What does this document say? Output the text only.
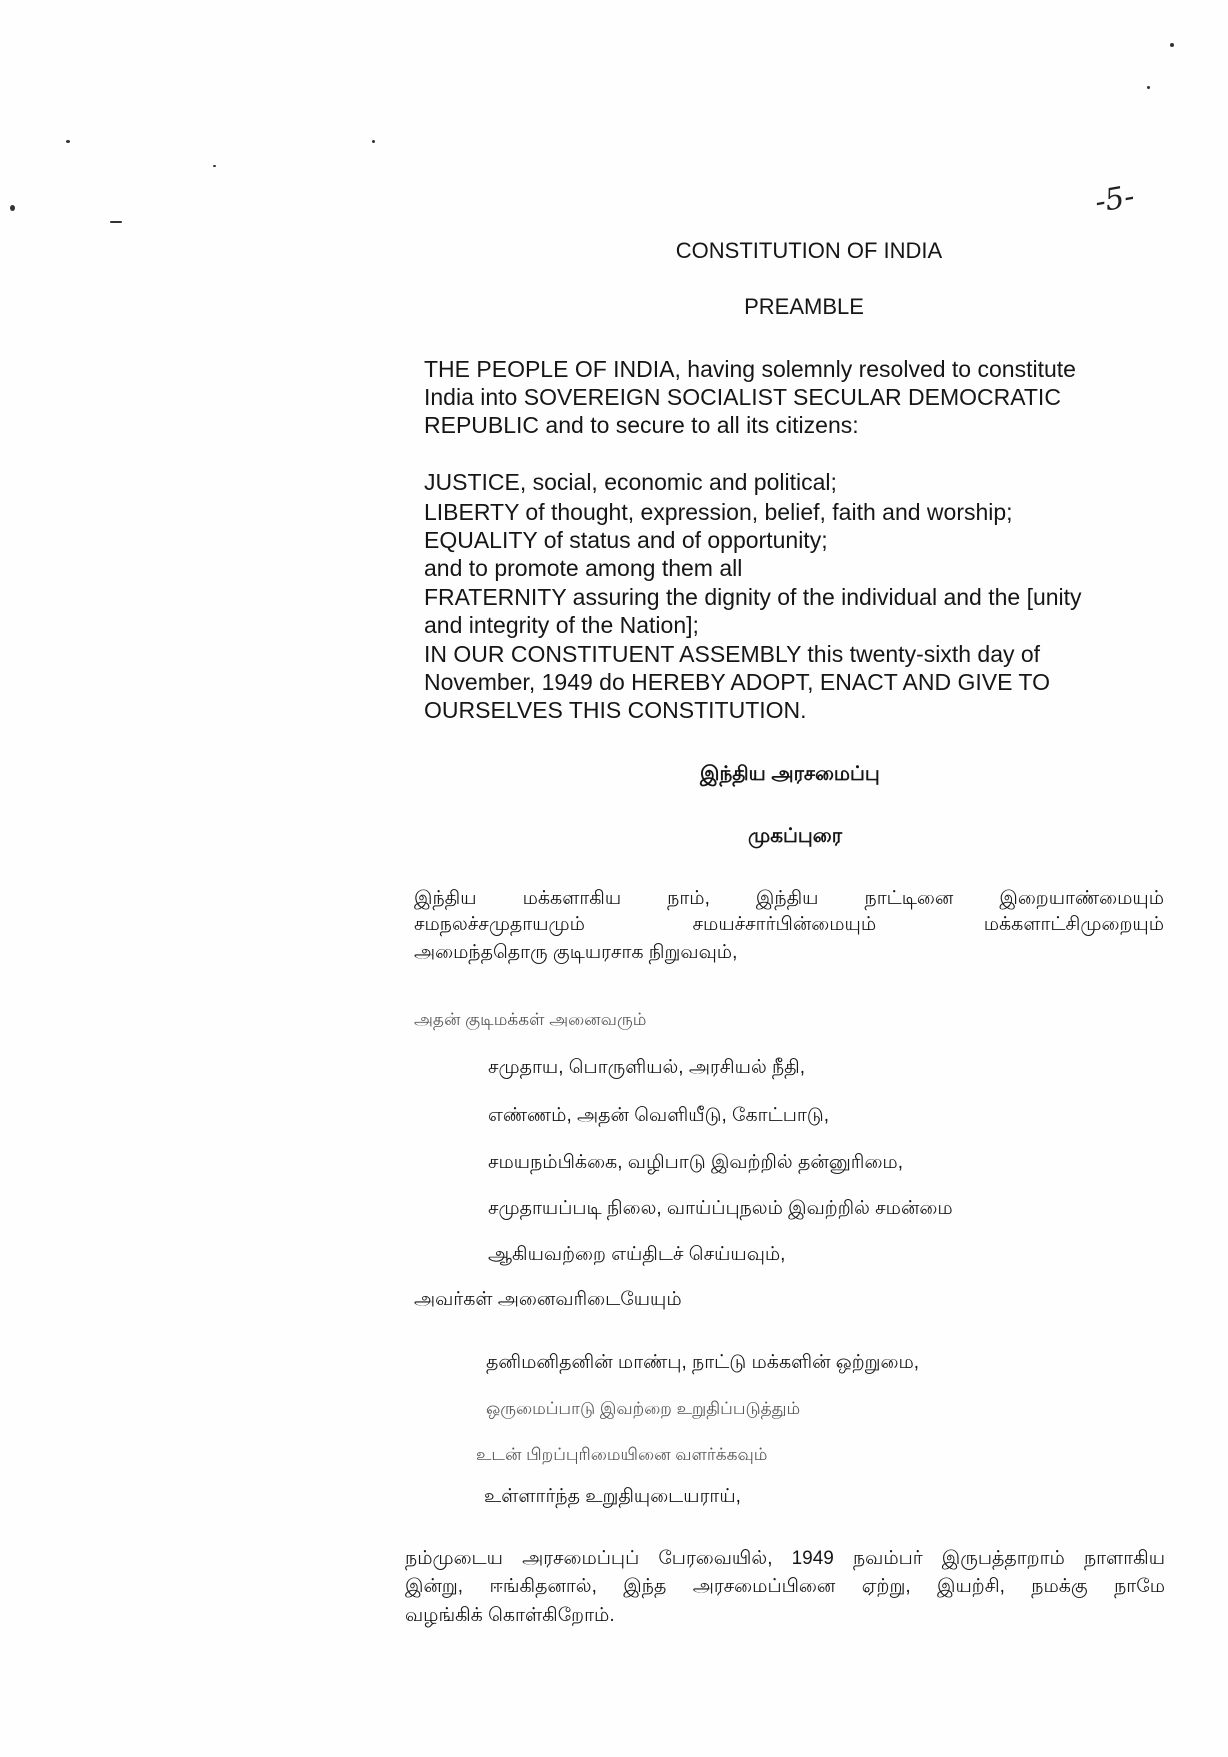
-5-

CONSTITUTION OF INDIA

PREAMBLE

THE PEOPLE OF INDIA, having solemnly resolved to constitute

India into SOVEREIGN SOCIALIST SECULAR DEMOCRATIC

REPUBLIC and to secure to all its citizens:

JUSTICE, social, economic and political;

LIBERTY of thought, expression, belief, faith and worship;

EQUALITY of status and of opportunity;

and to promote among them all

FRATERNITY assuring the dignity of the individual and the [unity

and integrity of the Nation];

IN OUR CONSTITUENT ASSEMBLY this twenty-sixth day of

November, 1949 do HEREBY ADOPT, ENACT AND GIVE TO

OURSELVES THIS CONSTITUTION.

இந்திய அரசமைப்பு

முகப்புரை

இந்திய மக்களாகிய நாம், இந்திய நாட்டினை இறையாண்மையும்

சமநலச்சமுதாயமும் சமயச்சார்பின்மையும் மக்களாட்சிமுறையும்

அமைந்ததொரு குடியரசாக நிறுவவும்,

அதன் குடிமக்கள் அனைவரும்

சமுதாய, பொருளியல், அரசியல் நீதி,

எண்ணம், அதன் வெளியீடு, கோட்பாடு,

சமயநம்பிக்கை, வழிபாடு இவற்றில் தன்னுரிமை,

சமுதாயப்படி நிலை, வாய்ப்புநலம் இவற்றில் சமன்மை

ஆகியவற்றை எய்திடச் செய்யவும்,

அவர்கள் அனைவரிடையேயும்

தனிமனிதனின் மாண்பு, நாட்டு மக்களின் ஒற்றுமை,

ஒருமைப்பாடு இவற்றை உறுதிப்படுத்தும்

உடன் பிறப்புரிமையினை வளர்க்கவும்

உள்ளார்ந்த உறுதியுடையராய்,

நம்முடைய அரசமைப்புப் பேரவையில், 1949 நவம்பர் இருபத்தாறாம் நாளாகிய

இன்று, ஈங்கிதனால், இந்த அரசமைப்பினை ஏற்று, இயற்சி, நமக்கு நாமே

வழங்கிக் கொள்கிறோம்.
